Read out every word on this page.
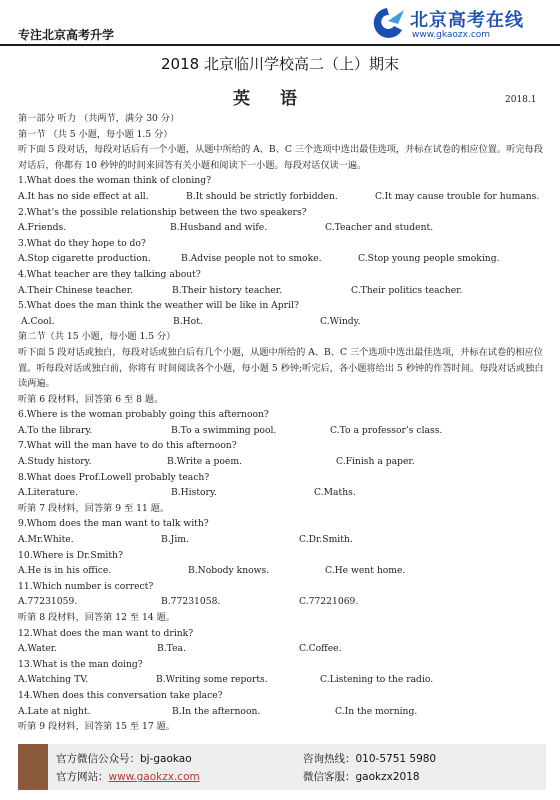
专注北京高考升学
北京高考在线
www.gkaozx.com
2018 北京临川学校高二（上）期末
英语	2018.1
第一部分 听力 （共两节，满分 30 分）
第一节 （共 5 小题，每小题 1.5 分）
听下面 5 段对话，每段对话后有一个小题，从题中所给的 A、B、C 三个选项中选出最佳选项，并标在试卷的相应位置。听完每段对话后，你都有 10 秒钟的时间来回答有关小题和阅读下一小题。每段对话仅读一遍。
1.What does the woman think of cloning?
A.It has no side effect at all.	B.It should be strictly forbidden.	C.It may cause trouble for humans.
2.What’s the possible relationship between the two speakers?
A.Friends.	B.Husband and wife.	C.Teacher and student.
3.What do they hope to do?
A.Stop cigarette production.	B.Advise people not to smoke.	C.Stop young people smoking.
4.What teacher are they talking about?
A.Their Chinese teacher.	B.Their history teacher.	C.Their politics teacher.
5.What does the man think the weather will be like in April?
A.Cool.	B.Hot.	C.Windy.
第二节（共 15 小题，每小题 1.5 分）
听下面 5 段对话或独白，每段对话或独白后有几个小题，从题中所给的 A、B、C 三个选项中选出最佳选项，并标在试卷的相应位置。听每段对话或独白前，你将有 时间阅读各个小题，每小题 5 秒钟;听完后，各小题将给出 5 秒钟的作答时间。每段对话或独白读两遍。
听第 6 段材料，回答第 6 至 8 题。
6.Where is the woman probably going this afternoon?
A.To the library.	B.To a swimming pool.	C.To a professor’s class.
7.What will the man have to do this afternoon?
A.Study history.	B.Write a poem.	C.Finish a paper.
8.What does Prof.Lowell probably teach?
A.Literature.	B.History.	C.Maths.
听第 7 段材料，回答第 9 至 11 题。
9.Whom does the man want to talk with?
A.Mr.White.	B.Jim.	C.Dr.Smith.
10.Where is Dr.Smith?
A.He is in his office.	B.Nobody knows.	C.He went home.
11.Which number is correct?
A.77231059.	B.77231058.	C.77221069.
听第 8 段材料，回答第 12 至 14 题。
12.What does the man want to drink?
A.Water.	B.Tea.	C.Coffee.
13.What is the man doing?
A.Watching TV.	B.Writing some reports.	C.Listening to the radio.
14.When does this conversation take place?
A.Late at night.	B.In the afternoon.	C.In the morning.
听第 9 段材料，回答第 15 至 17 题。
官方微信公众号：bj-gaokao
官方网站：www.gaokzx.com
咨询热线：010-5751 5980
微信客服：gaokzx2018
